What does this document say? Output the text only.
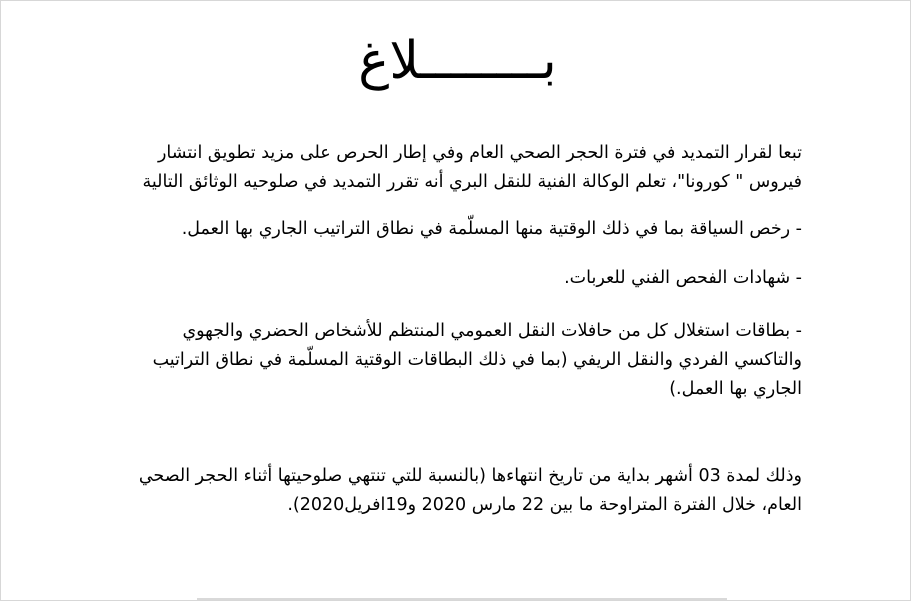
بــــــــلاغ

تبعا لقرار التمديد في فترة الحجر الصحي العام وفي إطار الحرص على مزيد تطويق انتشار فيروس " كورونا"، تعلم الوكالة الفنية للنقل البري أنه تقرر التمديد في صلوحيه الوثائق التالية

- رخص السياقة بما في ذلك الوقتية منها المسلّمة في نطاق التراتيب الجاري بها العمل.

- شهادات الفحص الفني للعربات.

- بطاقات استغلال كل من حافلات النقل العمومي المنتظم للأشخاص الحضري والجهوي والتاكسي الفردي والنقل الريفي (بما في ذلك البطاقات الوقتية المسلّمة في نطاق التراتيب الجاري بها العمل.)

وذلك لمدة 03 أشهر بداية من تاريخ انتهاءها (بالنسبة للتي تنتهي صلوحيتها أثناء الحجر الصحي العام، خلال الفترة المتراوحة ما بين 22 مارس 2020 و19افريل2020).
